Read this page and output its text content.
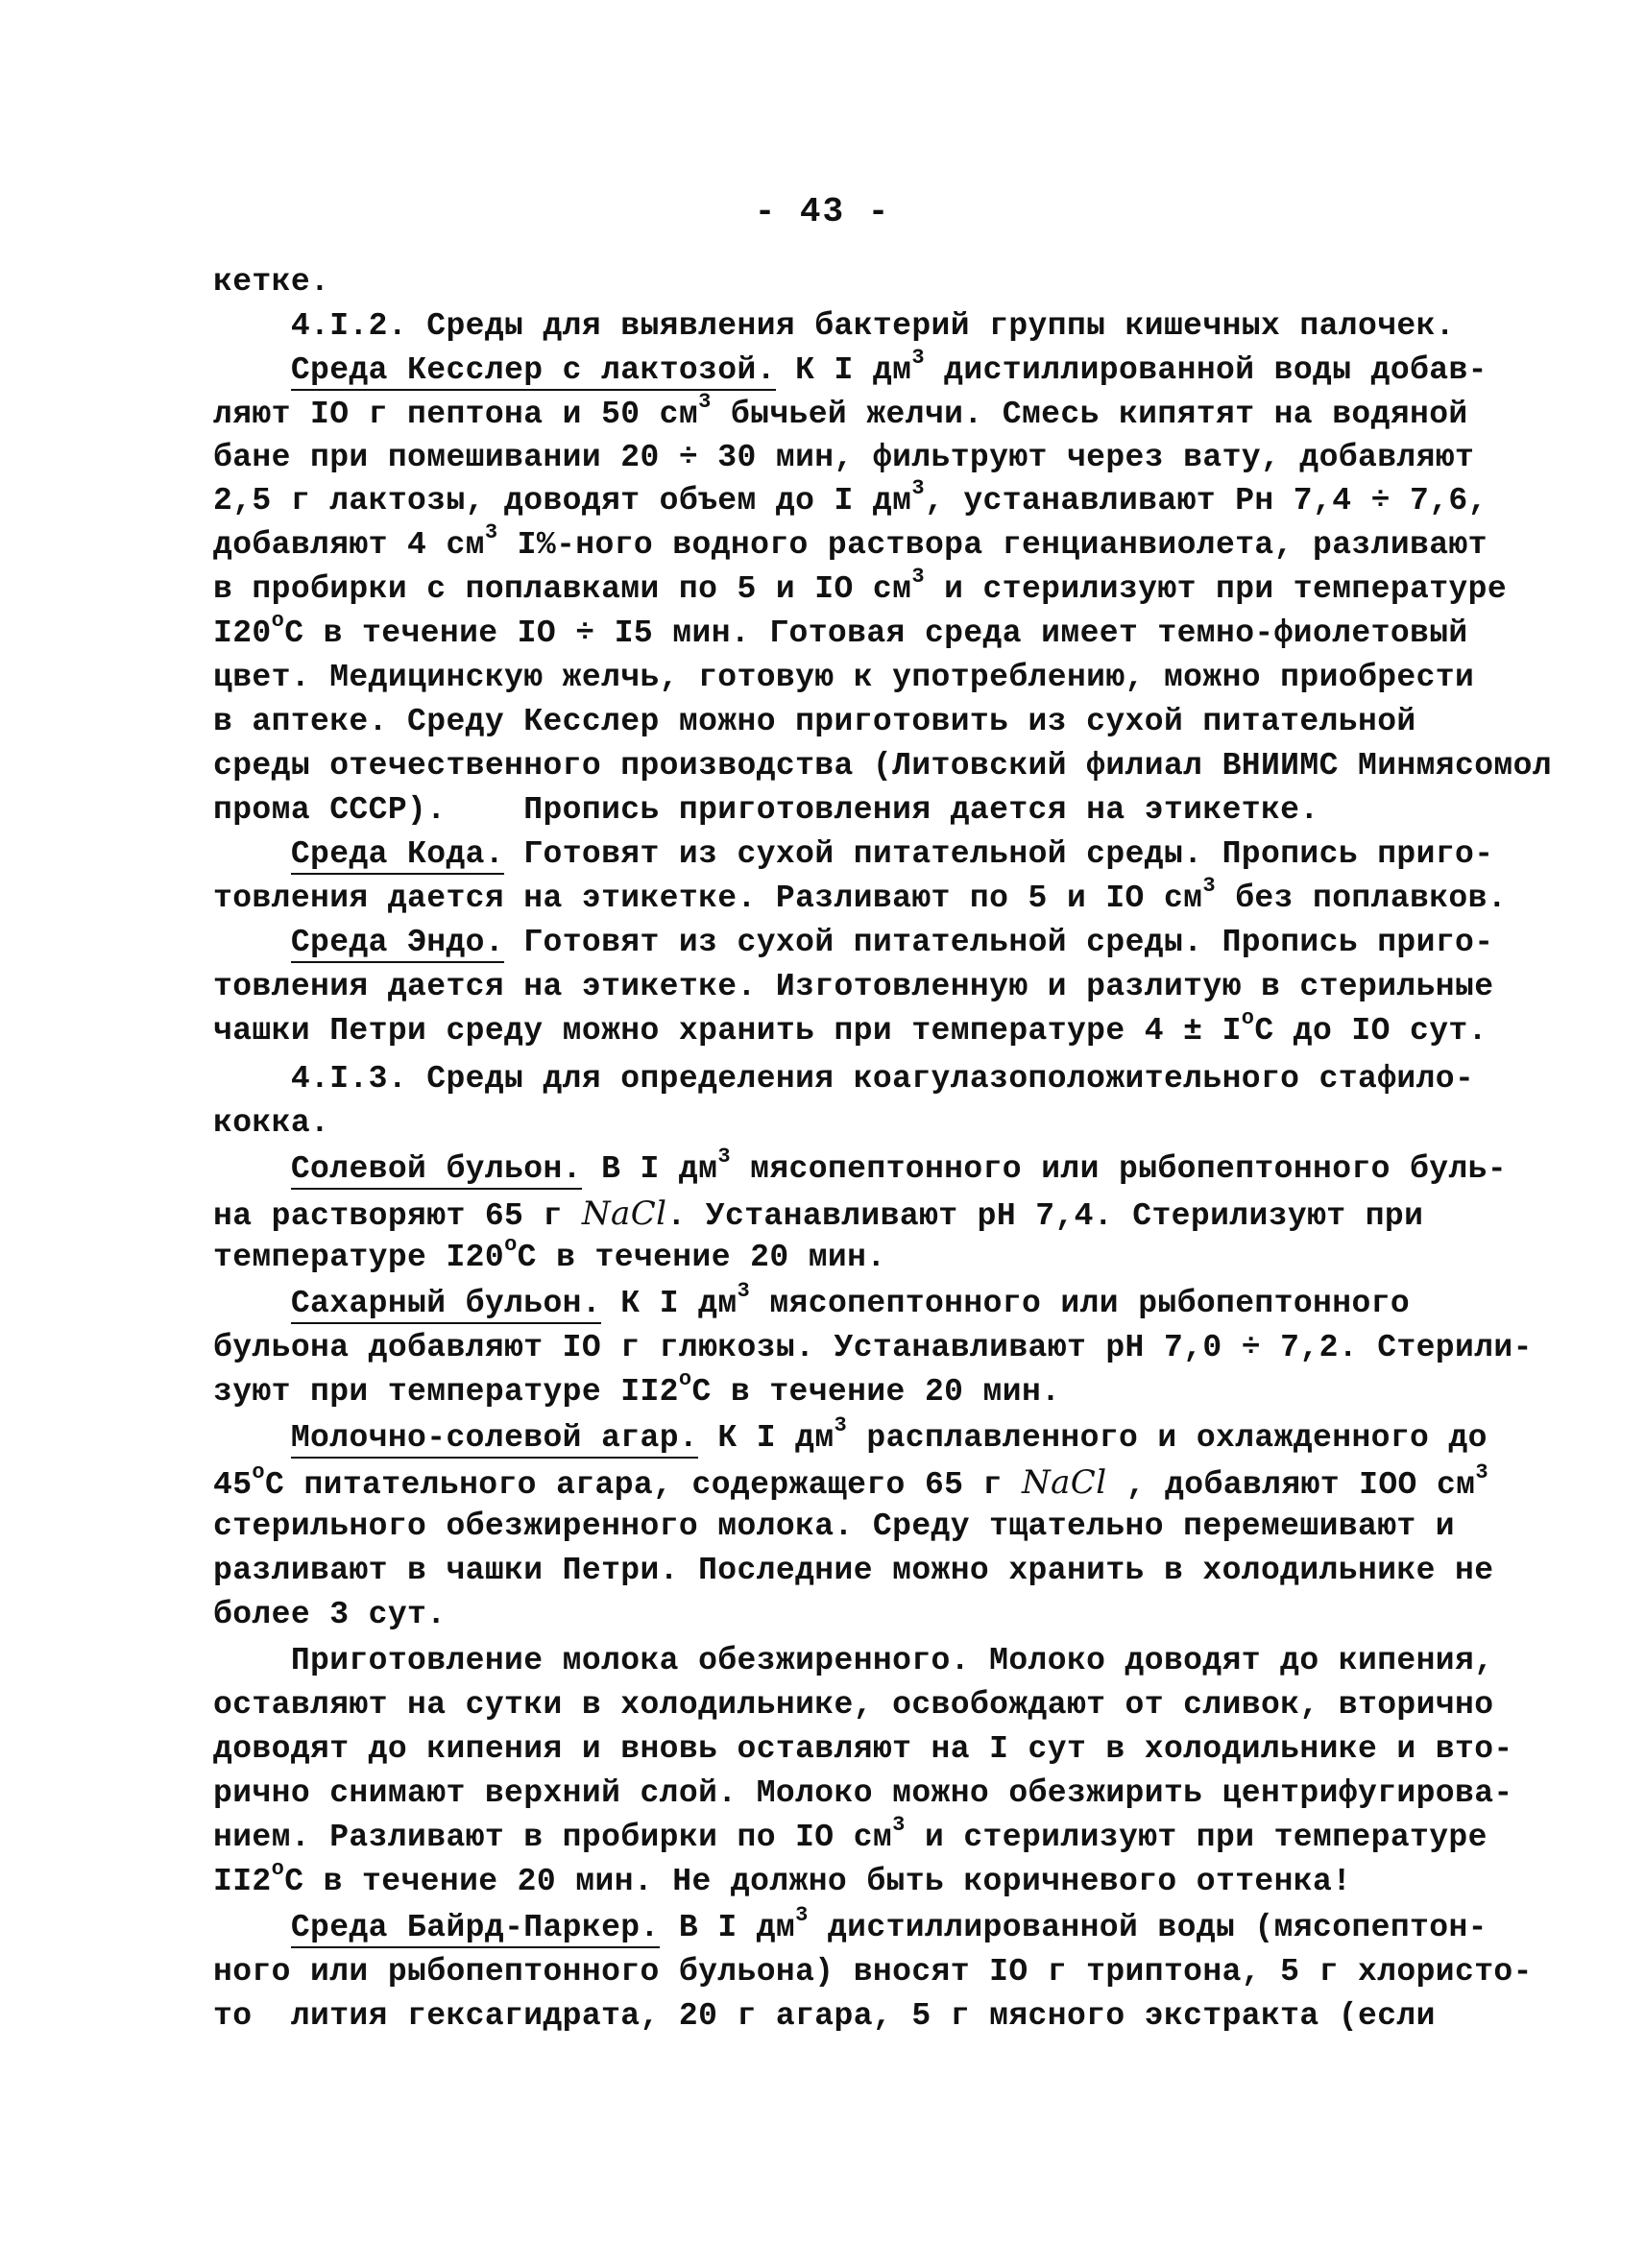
- 43 -
кетке.
4.I.2. Среды для выявления бактерий группы кишечных палочек.
Среда Кесслер с лактозой. К I $дм^3$ дистиллированной воды добав-
ляют IO г пептона и 50 $см^3$ бычьей желчи. Смесь кипятят на водяной
бане при помешивании 20 ÷ 30 мин, фильтруют через вату, добавляют
2,5 г лактозы, доводят объем до I $дм^3$, устанавливают Рн 7,4 ÷ 7,6,
добавляют 4 $см^3$ I%-ного водного раствора генцианвиолета, разливают
в пробирки с поплавками по 5 и IO $см^3$ и стерилизуют при температуре
$I20^оС$ в течение IO ÷ I5 мин. Готовая среда имеет темно-фиолетовый
цвет. Медицинскую желчь, готовую к употреблению, можно приобрести
в аптеке. Среду Кесслер можно приготовить из сухой питательной
среды отечественного производства (Литовский филиал ВНИИМС Минмясомол
прома СССР).    Пропись приготовления дается на этикетке.
Среда Кода. Готовят из сухой питательной среды. Пропись приго-
товления дается на этикетке. Разливают по 5 и IO $см^3$ без поплавков.
Среда Эндо. Готовят из сухой питательной среды. Пропись приго-
товления дается на этикетке. Изготовленную и разлитую в стерильные
чашки Петри среду можно хранить при температуре $4 \pm I^оС$ до IO сут.
4.I.3. Среды для определения коагулазоположительного стафило-
кокка.
Солевой бульон. В I $дм^3$ мясопептонного или рыбопептонного буль-
на растворяют 65 г NaCl. Устанавливают рН 7,4. Стерилизуют при
температуре $I20^оС$ в течение 20 мин.
Сахарный бульон. К I $дм^3$ мясопептонного или рыбопептонного
бульона добавляют IO г глюкозы. Устанавливают рН 7,0 ÷ 7,2. Стерили-
зуют при температуре $II2^оС$ в течение 20 мин.
Молочно-солевой агар. К I $дм^3$ расплавленного и охлажденного до
$45^оС$ питательного агара, содержащего 65 г NaCl , добавляют IOO $см^3$
стерильного обезжиренного молока. Среду тщательно перемешивают и
разливают в чашки Петри. Последние можно хранить в холодильнике не
более 3 сут.
Приготовление молока обезжиренного. Молоко доводят до кипения,
оставляют на сутки в холодильнике, освобождают от сливок, вторично
доводят до кипения и вновь оставляют на I сут в холодильнике и вто-
рично снимают верхний слой. Молоко можно обезжирить центрифугирова-
нием. Разливают в пробирки по IO $см^3$ и стерилизуют при температуре
$II2^оС$ в течение 20 мин. Не должно быть коричневого оттенка!
Среда Байрд-Паркер. В I $дм^3$ дистиллированной воды (мясопептон-
ного или рыбопептонного бульона) вносят IO г триптона, 5 г хлористо-
то  лития гексагидрата, 20 г агара, 5 г мясного экстракта (если
